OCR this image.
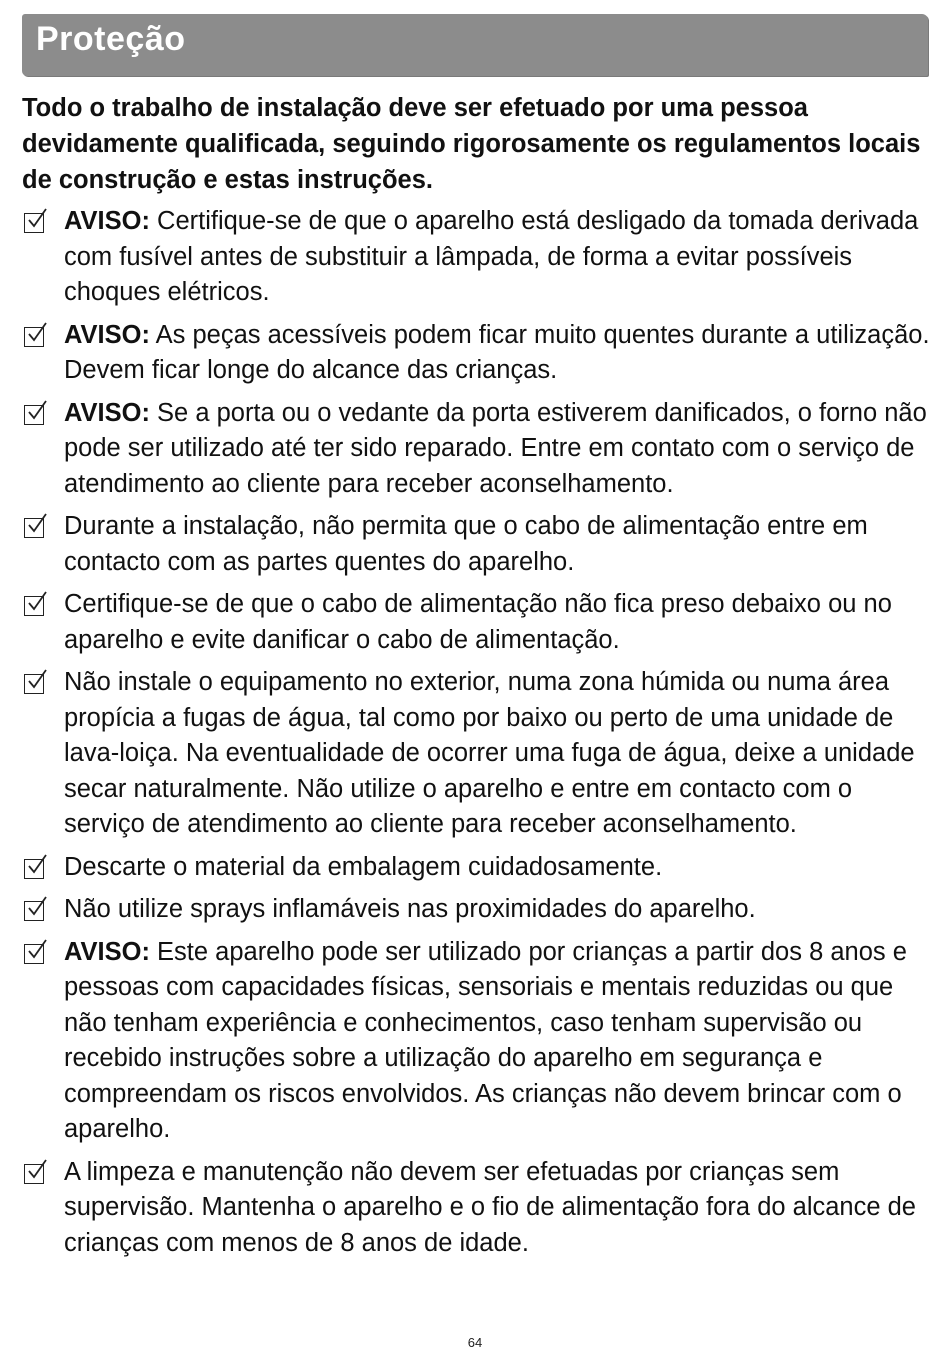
Proteção

Todo o trabalho de instalação deve ser efetuado por uma pessoa devidamente qualificada, seguindo rigorosamente os regulamentos locais de construção e estas instruções.

AVISO: Certifique-se de que o aparelho está desligado da tomada derivada com fusível antes de substituir a lâmpada, de forma a evitar possíveis choques elétricos.
AVISO: As peças acessíveis podem ficar muito quentes durante a utilização. Devem ficar longe do alcance das crianças.
AVISO: Se a porta ou o vedante da porta estiverem danificados, o forno não pode ser utilizado até ter sido reparado. Entre em contato com o serviço de atendimento ao cliente para receber aconselhamento.
Durante a instalação, não permita que o cabo de alimentação entre em contacto com as partes quentes do aparelho.
Certifique-se de que o cabo de alimentação não fica preso debaixo ou no aparelho e evite danificar o cabo de alimentação.
Não instale o equipamento no exterior, numa zona húmida ou numa área propícia a fugas de água, tal como por baixo ou perto de uma unidade de lava-loiça. Na eventualidade de ocorrer uma fuga de água, deixe a unidade secar naturalmente. Não utilize o aparelho e entre em contacto com o serviço de atendimento ao cliente para receber aconselhamento.
Descarte o material da embalagem cuidadosamente.
Não utilize sprays inflamáveis nas proximidades do aparelho.
AVISO: Este aparelho pode ser utilizado por crianças a partir dos 8 anos e pessoas com capacidades físicas, sensoriais e mentais reduzidas ou que não tenham experiência e conhecimentos, caso tenham supervisão ou recebido instruções sobre a utilização do aparelho em segurança e compreendam os riscos envolvidos. As crianças não devem brincar com o aparelho.
A limpeza e manutenção não devem ser efetuadas por crianças sem supervisão. Mantenha o aparelho e o fio de alimentação fora do alcance de crianças com menos de 8 anos de idade.
64
